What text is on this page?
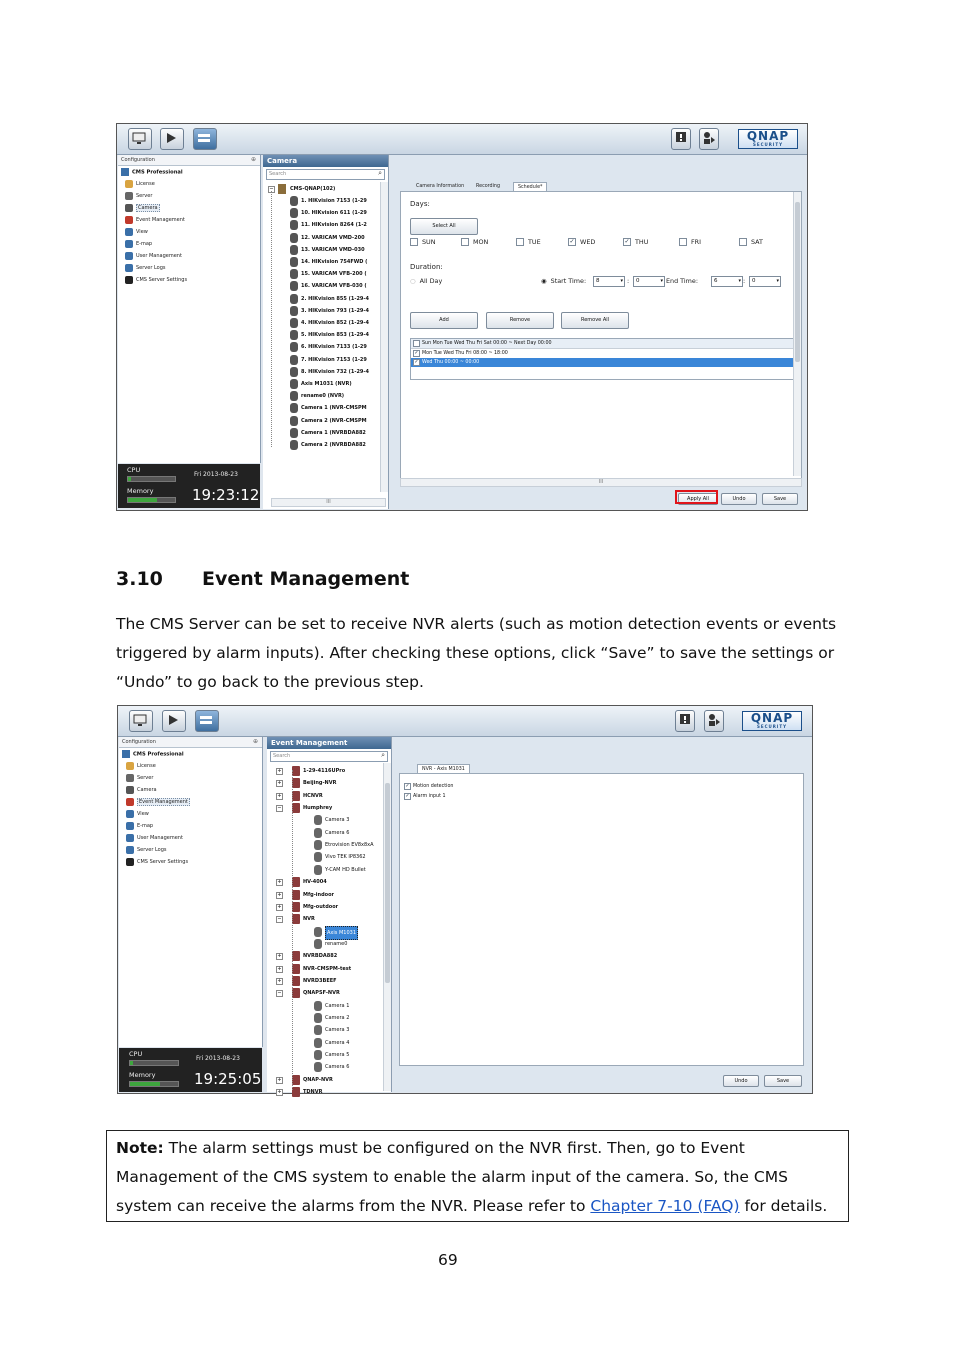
QNAP
SECURITY
Configuration	⊕
CMS Professional
License
Server
Camera
Event Management
View
E-map
User Management
Server Logs
CMS Server Settings
CPU
Memory
Fri 2013-08-23
19:23:12
Camera
Search	⌕
−	CMS-QNAP(102)
1. HIKvision 7153 (1-29
10. HIKvision 611 (1-29
11. HIKvision 8264 (1-2
12. VARICAM VMD-200
13. VARICAM VMD-030
14. HIKvision 754FWD (
15. VARICAM VFB-200 (
16. VARICAM VFB-030 (
2. HIKvision 855 (1-29-4
3. HIKvision 793 (1-29-4
4. HIKvision 852 (1-29-4
5. HIKvision 853 (1-29-4
6. HIKvision 7133 (1-29
7. HIKvision 7153 (1-29
8. HIKvision 732 (1-29-4
Axis M1031 (NVR)
rename0 (NVR)
Camera 1 (NVR-CMSPM
Camera 2 (NVR-CMSPM
Camera 1 (NVRBDA882
Camera 2 (NVRBDA882
III
Camera Information	Recording	Schedule*
Days:
Select All
SUN	MON	TUE	✓ WED	✓ THU	FRI	SAT
Duration:
○ All Day	◉ Start Time:	8	▾ :	0	▾ End Time:	6	▾ :	0	▾
Add	Remove	Remove All
Sun Mon Tue Wed Thu Fri Sat 00:00 ~ Next Day 00:00
✓ Mon Tue Wed Thu Fri 08:00 ~ 18:00
✓ Wed Thu 00:00 ~ 00:00
III
Apply All	Undo	Save
3.10 Event Management
The CMS Server can be set to receive NVR alerts (such as motion detection events or events triggered by alarm inputs). After checking these options, click “Save” to save the settings or “Undo” to go back to the previous step.
QNAP
SECURITY
Configuration	⊕
CMS Professional
License
Server
Camera
Event Management
View
E-map
User Management
Server Logs
CMS Server Settings
CPU
Memory
Fri 2013-08-23
19:25:05
Event Management
Search	⌕
+	1-29-4116UPro
+	Beijing-NVR
+	HCNVR
−	Humphrey
Camera 3
Camera 6
Etrovision EV8x8xA
Vivo TEK IP8362
Y-CAM HD Bullet
+	HV-4004
+	Mfg-indoor
+	Mfg-outdoor
−	NVR
Axis M1031
rename0
+	NVRBDA882
+	NVR-CMSPM-test
+	NVRD3BEEF
−	QNAPSF-NVR
Camera 1
Camera 2
Camera 3
Camera 4
Camera 5
Camera 6
+	QNAP-NVR
+	TDNVR
NVR - Axis M1031
✓ Motion detection
✓ Alarm input 1
Undo	Save
Note: The alarm settings must be configured on the NVR first. Then, go to Event Management of the CMS system to enable the alarm input of the camera. So, the CMS system can receive the alarms from the NVR. Please refer to Chapter 7-10 (FAQ) for details.
69
